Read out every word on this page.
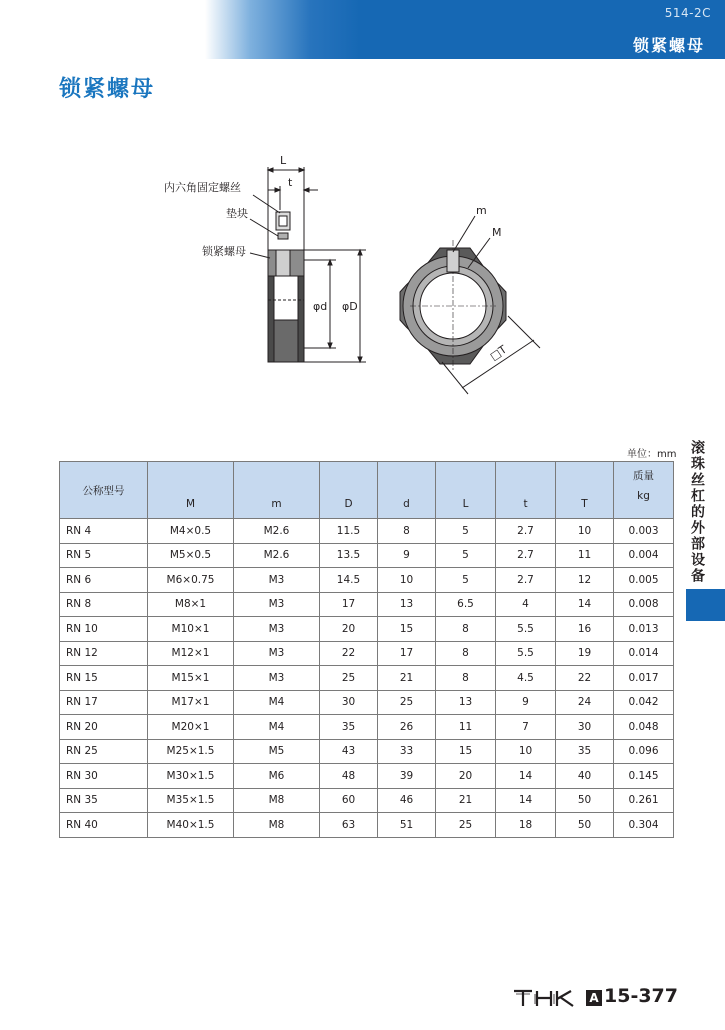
514-2C
锁紧螺母
锁紧螺母
L
t
内六角固定螺丝
垫块
锁紧螺母
φd φD
m
M
□T
单位：mm
公称型号	M	m	D	d	L	t	T	质量
kg

RN 4	M4×0.5	M2.6	11.5	8	5	2.7	10	0.003
RN 5	M5×0.5	M2.6	13.5	9	5	2.7	11	0.004
RN 6	M6×0.75	M3	14.5	10	5	2.7	12	0.005
RN 8	M8×1	M3	17	13	6.5	4	14	0.008
RN 10	M10×1	M3	20	15	8	5.5	16	0.013
RN 12	M12×1	M3	22	17	8	5.5	19	0.014
RN 15	M15×1	M3	25	21	8	4.5	22	0.017
RN 17	M17×1	M4	30	25	13	9	24	0.042
RN 20	M20×1	M4	35	26	11	7	30	0.048
RN 25	M25×1.5	M5	43	33	15	10	35	0.096
RN 30	M30×1.5	M6	48	39	20	14	40	0.145
RN 35	M35×1.5	M8	60	46	21	14	50	0.261
RN 40	M40×1.5	M8	63	51	25	18	50	0.304
滚珠丝杠的外部设备
A 15-377
